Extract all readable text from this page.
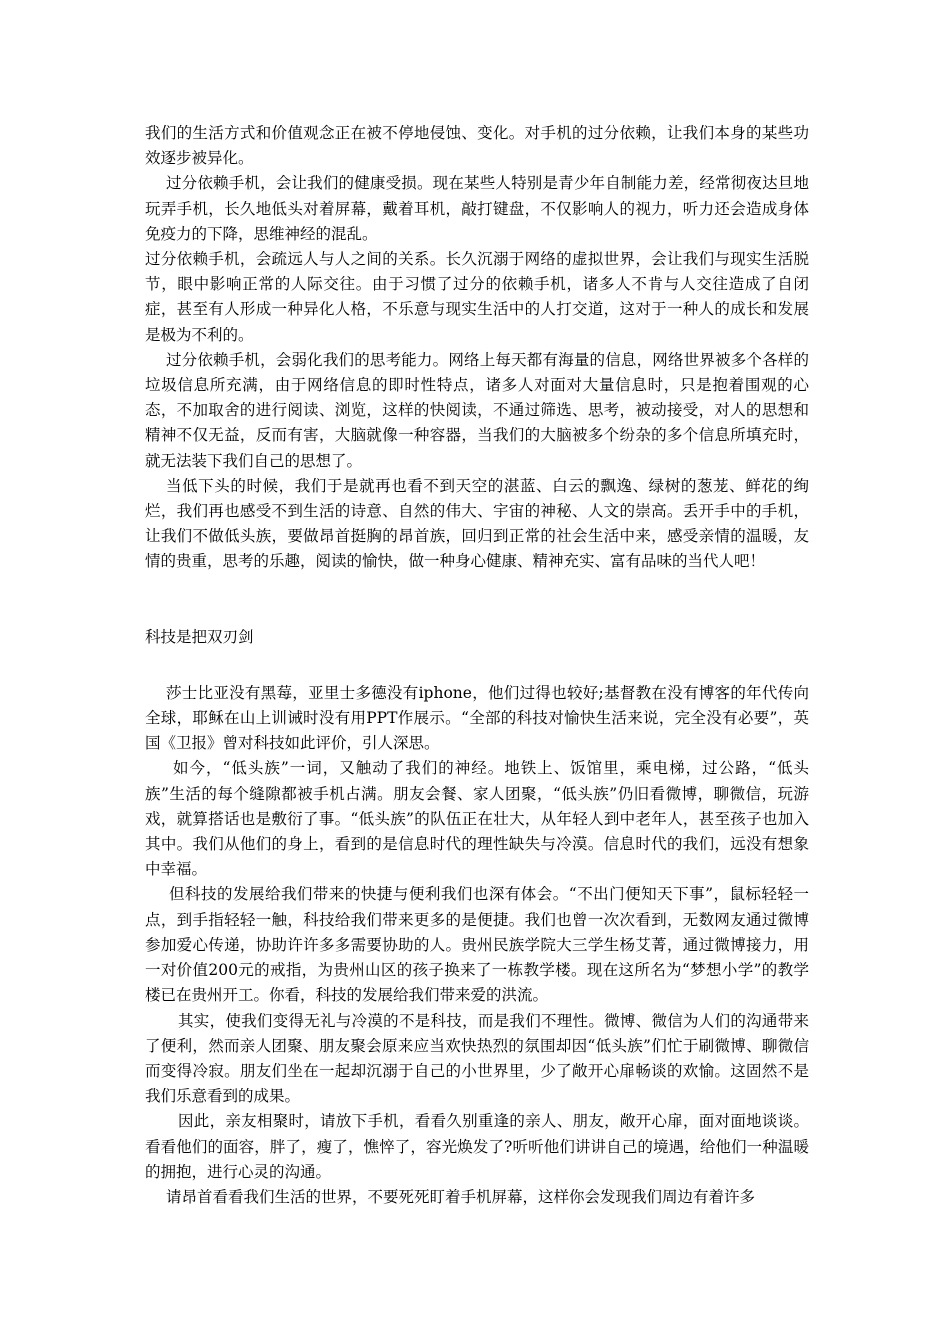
我们的生活方式和价值观念正在被不停地侵蚀、变化。对手机的过分依赖，让我们本身的某些功效逐步被异化。

过分依赖手机，会让我们的健康受损。现在某些人特别是青少年自制能力差，经常彻夜达旦地玩弄手机，长久地低头对着屏幕，戴着耳机，敲打键盘，不仅影响人的视力，听力还会造成身体免疫力的下降，思维神经的混乱。

过分依赖手机，会疏远人与人之间的关系。长久沉溺于网络的虚拟世界，会让我们与现实生活脱节，眼中影响正常的人际交往。由于习惯了过分的依赖手机，诸多人不肯与人交往造成了自闭症，甚至有人形成一种异化人格，不乐意与现实生活中的人打交道，这对于一种人的成长和发展是极为不利的。

过分依赖手机，会弱化我们的思考能力。网络上每天都有海量的信息，网络世界被多个各样的垃圾信息所充满，由于网络信息的即时性特点，诸多人对面对大量信息时，只是抱着围观的心态，不加取舍的进行阅读、浏览，这样的快阅读，不通过筛选、思考，被动接受，对人的思想和精神不仅无益，反而有害，大脑就像一种容器，当我们的大脑被多个纷杂的多个信息所填充时，就无法装下我们自己的思想了。

当低下头的时候，我们于是就再也看不到天空的湛蓝、白云的飘逸、绿树的葱茏、鲜花的绚烂，我们再也感受不到生活的诗意、自然的伟大、宇宙的神秘、人文的崇高。丢开手中的手机，让我们不做低头族，要做昂首挺胸的昂首族，回归到正常的社会生活中来，感受亲情的温暖，友情的贵重，思考的乐趣，阅读的愉快，做一种身心健康、精神充实、富有品味的当代人吧！

科技是把双刃剑

莎士比亚没有黑莓，亚里士多德没有iphone，他们过得也较好;基督教在没有博客的年代传向全球，耶稣在山上训诫时没有用PPT作展示。“全部的科技对愉快生活来说，完全没有必要”，英国《卫报》曾对科技如此评价，引人深思。

如今，“低头族”一词，又触动了我们的神经。地铁上、饭馆里，乘电梯，过公路，“低头族”生活的每个缝隙都被手机占满。朋友会餐、家人团聚，“低头族”仍旧看微博，聊微信，玩游戏，就算搭话也是敷衍了事。“低头族”的队伍正在壮大，从年轻人到中老年人，甚至孩子也加入其中。我们从他们的身上，看到的是信息时代的理性缺失与冷漠。信息时代的我们，远没有想象中幸福。

但科技的发展给我们带来的快捷与便利我们也深有体会。“不出门便知天下事”，鼠标轻轻一点，到手指轻轻一触，科技给我们带来更多的是便捷。我们也曾一次次看到，无数网友通过微博参加爱心传递，协助许许多多需要协助的人。贵州民族学院大三学生杨艾菁，通过微博接力，用一对价值200元的戒指，为贵州山区的孩子换来了一栋教学楼。现在这所名为“梦想小学”的教学楼已在贵州开工。你看，科技的发展给我们带来爱的洪流。

其实，使我们变得无礼与冷漠的不是科技，而是我们不理性。微博、微信为人们的沟通带来了便利，然而亲人团聚、朋友聚会原来应当欢快热烈的氛围却因“低头族”们忙于刷微博、聊微信而变得冷寂。朋友们坐在一起却沉溺于自己的小世界里，少了敞开心扉畅谈的欢愉。这固然不是我们乐意看到的成果。

因此，亲友相聚时，请放下手机，看看久别重逢的亲人、朋友，敞开心扉，面对面地谈谈。看看他们的面容，胖了，瘦了，憔悴了，容光焕发了?听听他们讲讲自己的境遇，给他们一种温暖的拥抱，进行心灵的沟通。

请昂首看看我们生活的世界，不要死死盯着手机屏幕，这样你会发现我们周边有着许多
